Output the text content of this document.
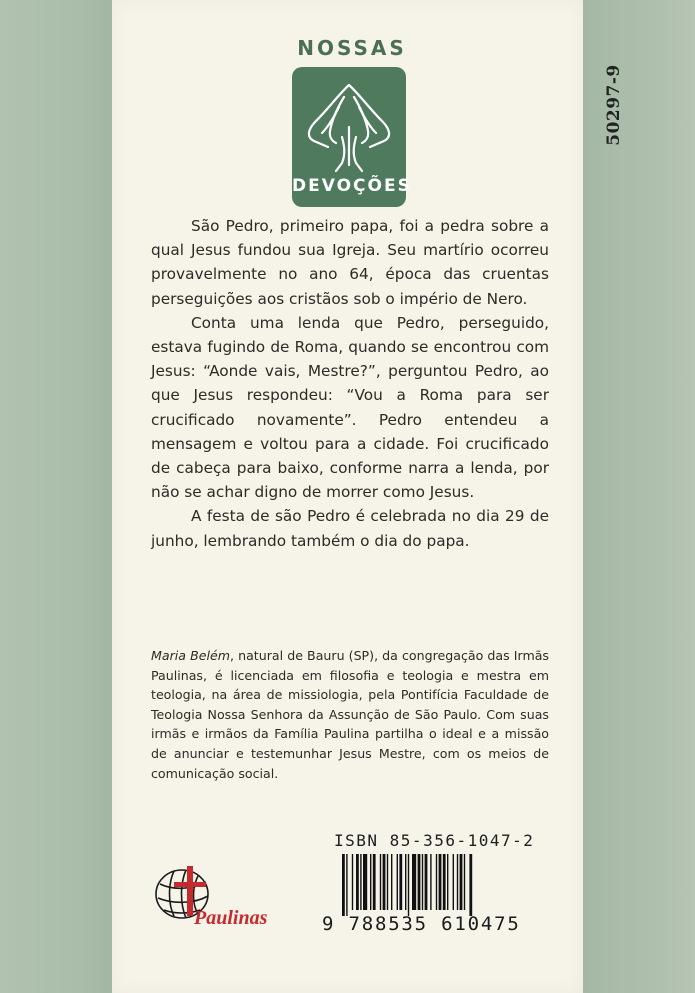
50297-9
NOSSAS
DEVOÇÕES

São Pedro, primeiro papa, foi a pedra sobre a qual Jesus fundou sua Igreja. Seu martírio ocorreu provavelmente no ano 64, época das cruentas perseguições aos cristãos sob o império de Nero.

Conta uma lenda que Pedro, perseguido, estava fugindo de Roma, quando se encontrou com Jesus: “Aonde vais, Mestre?”, perguntou Pedro, ao que Jesus respondeu: “Vou a Roma para ser crucificado novamente”. Pedro entendeu a mensagem e voltou para a cidade. Foi crucificado de cabeça para baixo, conforme narra a lenda, por não se achar digno de morrer como Jesus.

A festa de são Pedro é celebrada no dia 29 de junho, lembrando também o dia do papa.

Maria Belém, natural de Bauru (SP), da congregação das Irmãs Paulinas, é licenciada em filosofia e teologia e mestra em teologia, na área de missiologia, pela Pontifícia Faculdade de Teologia Nossa Senhora da Assunção de São Paulo. Com suas irmãs e irmãos da Família Paulina partilha o ideal e a missão de anunciar e testemunhar Jesus Mestre, com os meios de comunicação social.
ISBN 85-356-1047-2
9 788535 610475
Paulinas
